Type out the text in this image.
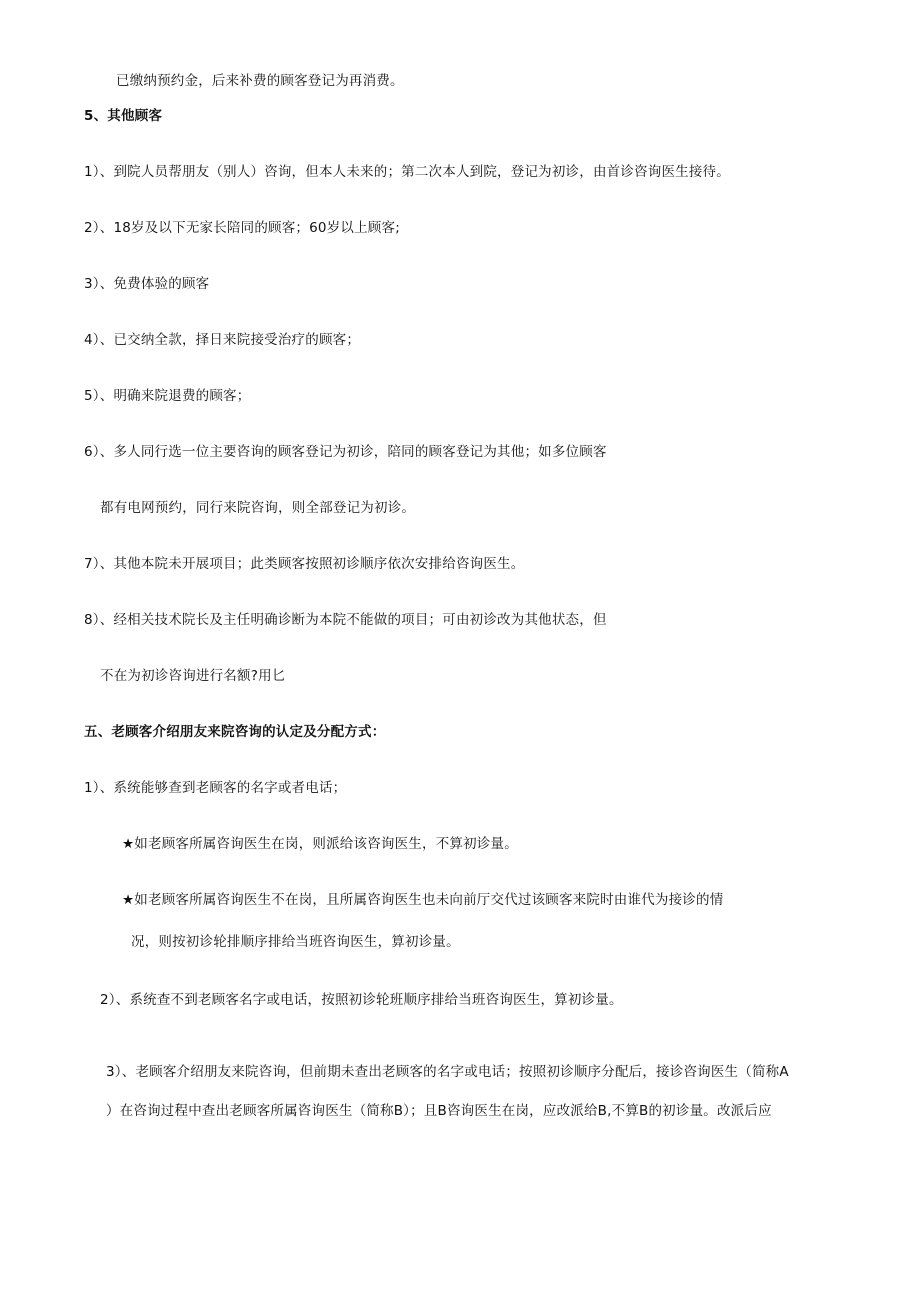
已缴纳预约金，后来补费的顾客登记为再消费。
5、其他顾客
1）、到院人员帮朋友（别人）咨询，但本人未来的；第二次本人到院，登记为初诊，由首诊咨询医生接待。
2）、18岁及以下无家长陪同的顾客；60岁以上顾客;
3）、免费体验的顾客
4）、已交纳全款，择日来院接受治疗的顾客；
5）、明确来院退费的顾客；
6）、多人同行选一位主要咨询的顾客登记为初诊，陪同的顾客登记为其他；如多位顾客
都有电网预约，同行来院咨询，则全部登记为初诊。
7）、其他本院未开展项目；此类顾客按照初诊顺序依次安排给咨询医生。
8）、经相关技术院长及主任明确诊断为本院不能做的项目；可由初诊改为其他状态，但
不在为初诊咨询进行名额?用匕
五、老顾客介绍朋友来院咨询的认定及分配方式：
1）、系统能够查到老顾客的名字或者电话；
★如老顾客所属咨询医生在岗，则派给该咨询医生，不算初诊量。
★如老顾客所属咨询医生不在岗，且所属咨询医生也未向前厅交代过该顾客来院时由谁代为接诊的情
况，则按初诊轮排顺序排给当班咨询医生，算初诊量。
2）、系统查不到老顾客名字或电话，按照初诊轮班顺序排给当班咨询医生，算初诊量。
3）、老顾客介绍朋友来院咨询，但前期未查出老顾客的名字或电话；按照初诊顺序分配后，接诊咨询医生（简称A
）在咨询过程中查出老顾客所属咨询医生（简称B）；且B咨询医生在岗，应改派给B,不算B的初诊量。改派后应
